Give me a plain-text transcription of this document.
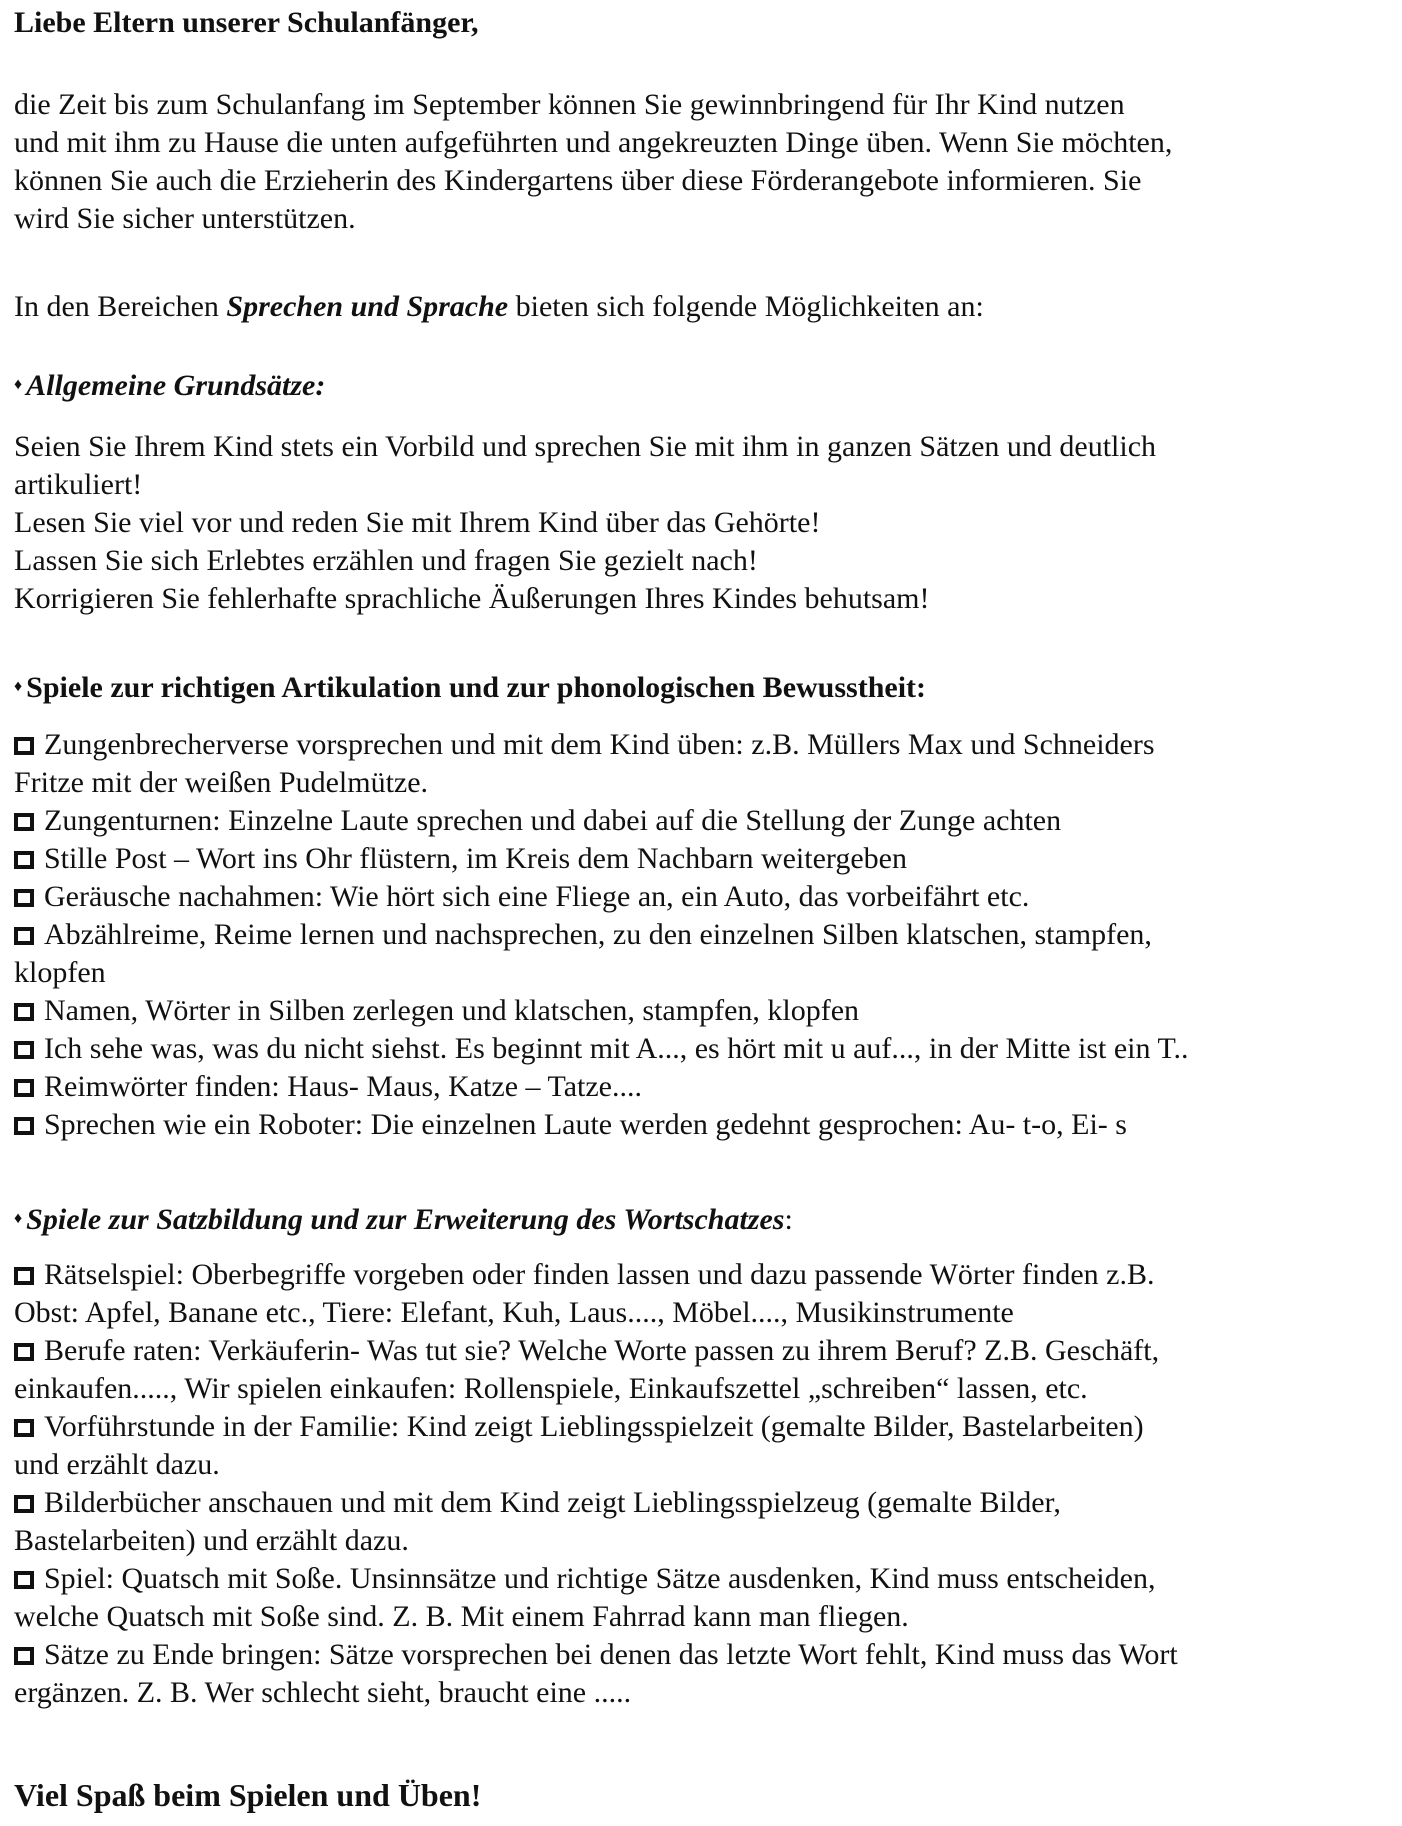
Liebe Eltern unserer Schulanfänger,
die Zeit bis zum Schulanfang im September können Sie gewinnbringend für Ihr Kind nutzen
und mit ihm zu Hause die unten aufgeführten und angekreuzten Dinge üben. Wenn Sie möchten,
können Sie auch die Erzieherin des Kindergartens über diese Förderangebote informieren. Sie
wird Sie sicher unterstützen.
In den Bereichen Sprechen und Sprache bieten sich folgende Möglichkeiten an:
♦ Allgemeine Grundsätze:
Seien Sie Ihrem Kind stets ein Vorbild und sprechen Sie mit ihm in ganzen Sätzen und deutlich
artikuliert!
Lesen Sie viel vor und reden Sie mit Ihrem Kind über das Gehörte!
Lassen Sie sich Erlebtes erzählen und fragen Sie gezielt nach!
Korrigieren Sie fehlerhafte sprachliche Äußerungen Ihres Kindes behutsam!
♦ Spiele zur richtigen Artikulation und zur phonologischen Bewusstheit:
Zungenbrecherverse vorsprechen und mit dem Kind üben: z.B. Müllers Max und Schneiders
Fritze mit der weißen Pudelmütze.
Zungenturnen: Einzelne Laute sprechen und dabei auf die Stellung der Zunge achten
Stille Post – Wort ins Ohr flüstern, im Kreis dem Nachbarn weitergeben
Geräusche nachahmen: Wie hört sich eine Fliege an, ein Auto, das vorbeifährt etc.
Abzählreime, Reime lernen und nachsprechen, zu den einzelnen Silben klatschen, stampfen,
klopfen
Namen, Wörter in Silben zerlegen und klatschen, stampfen, klopfen
Ich sehe was, was du nicht siehst. Es beginnt mit A..., es hört mit u auf..., in der Mitte ist ein T..
Reimwörter finden: Haus- Maus, Katze – Tatze....
Sprechen wie ein Roboter: Die einzelnen Laute werden gedehnt gesprochen: Au- t-o, Ei- s
♦ Spiele zur Satzbildung und zur Erweiterung des Wortschatzes:
Rätselspiel: Oberbegriffe vorgeben oder finden lassen und dazu passende Wörter finden z.B.
Obst: Apfel, Banane etc., Tiere: Elefant, Kuh, Laus...., Möbel...., Musikinstrumente
Berufe raten: Verkäuferin- Was tut sie? Welche Worte passen zu ihrem Beruf? Z.B. Geschäft,
einkaufen....., Wir spielen einkaufen: Rollenspiele, Einkaufszettel „schreiben“ lassen, etc.
Vorführstunde in der Familie: Kind zeigt Lieblingsspielzeit (gemalte Bilder, Bastelarbeiten)
und erzählt dazu.
Bilderbücher anschauen und mit dem Kind zeigt Lieblingsspielzeug (gemalte Bilder,
Bastelarbeiten) und erzählt dazu.
Spiel: Quatsch mit Soße. Unsinnsätze und richtige Sätze ausdenken, Kind muss entscheiden,
welche Quatsch mit Soße sind. Z. B. Mit einem Fahrrad kann man fliegen.
Sätze zu Ende bringen: Sätze vorsprechen bei denen das letzte Wort fehlt, Kind muss das Wort
ergänzen. Z. B. Wer schlecht sieht, braucht eine .....
Viel Spaß beim Spielen und Üben!
